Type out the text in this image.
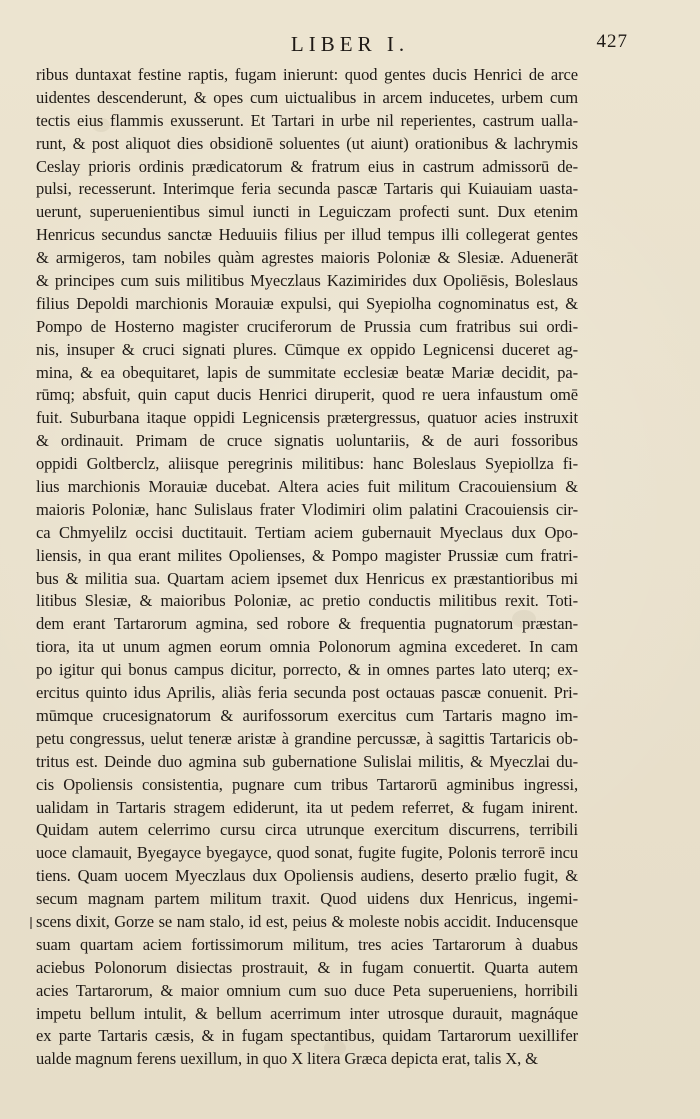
LIBER I.	427
ribus duntaxat festine raptis, fugam inierunt: quod gentes ducis Henrici de arce
uidentes descenderunt, & opes cum uictualibus in arcem inducetes, urbem cum
tectis eius flammis exusserunt. Et Tartari in urbe nil reperientes, castrum ualla-
runt, & post aliquot dies obsidionē soluentes (ut aiunt) orationibus & lachrymis
Ceslay prioris ordinis prædicatorum & fratrum eius in castrum admissorū de-
pulsi, recesserunt. Interimque feria secunda pascæ Tartaris qui Kuiauiam uasta-
uerunt, superuenientibus simul iuncti in Leguiczam profecti sunt. Dux etenim
Henricus secundus sanctæ Heduuiis filius per illud tempus illi collegerat gentes
& armigeros, tam nobiles quàm agrestes maioris Poloniæ & Slesiæ. Aduenerāt
& principes cum suis militibus Myeczlaus Kazimirides dux Opoliēsis, Boleslaus
filius Depoldi marchionis Morauiæ expulsi, qui Syepiolha cognominatus est, &
Pompo de Hosterno magister cruciferorum de Prussia cum fratribus sui ordi-
nis, insuper & cruci signati plures. Cūmque ex oppido Legnicensi duceret ag-
mina, & ea obequitaret, lapis de summitate ecclesiæ beatæ Mariæ decidit, pa-
rūmq; absfuit, quin caput ducis Henrici diruperit, quod re uera infaustum omē
fuit. Suburbana itaque oppidi Legnicensis prætergressus, quatuor acies instruxit
& ordinauit. Primam de cruce signatis uoluntariis, & de auri fossoribus
oppidi Goltberclz, aliisque peregrinis militibus: hanc Boleslaus Syepiollza fi-
lius marchionis Morauiæ ducebat. Altera acies fuit militum Cracouiensium &
maioris Poloniæ, hanc Sulislaus frater Vlodimiri olim palatini Cracouiensis cir-
ca Chmyelilz occisi ductitauit. Tertiam aciem gubernauit Myeclaus dux Opo-
liensis, in qua erant milites Opolienses, & Pompo magister Prussiæ cum fratri-
bus & militia sua. Quartam aciem ipsemet dux Henricus ex præstantioribus mi
litibus Slesiæ, & maioribus Poloniæ, ac pretio conductis militibus rexit. Toti-
dem erant Tartarorum agmina, sed robore & frequentia pugnatorum præstan-
tiora, ita ut unum agmen eorum omnia Polonorum agmina excederet. In cam
po igitur qui bonus campus dicitur, porrecto, & in omnes partes lato uterq; ex-
ercitus quinto idus Aprilis, aliàs feria secunda post octauas pascæ conuenit. Pri-
mūmque crucesignatorum & aurifossorum exercitus cum Tartaris magno im-
petu congressus, uelut teneræ aristæ à grandine percussæ, à sagittis Tartaricis ob-
tritus est. Deinde duo agmina sub gubernatione Sulislai militis, & Myeczlai du-
cis Opoliensis consistentia, pugnare cum tribus Tartarorū agminibus ingressi,
ualidam in Tartaris stragem ediderunt, ita ut pedem referret, & fugam inirent.
Quidam autem celerrimo cursu circa utrunque exercitum discurrens, terribili
uoce clamauit, Byegayce byegayce, quod sonat, fugite fugite, Polonis terrorē incu
tiens. Quam uocem Myeczlaus dux Opoliensis audiens, deserto prælio fugit, &
secum magnam partem militum traxit. Quod uidens dux Henricus, ingemi-
scens dixit, Gorze se nam stalo, id est, peius & moleste nobis accidit. Inducensque
suam quartam aciem fortissimorum militum, tres acies Tartarorum à duabus
aciebus Polonorum disiectas prostrauit, & in fugam conuertit. Quarta autem
acies Tartarorum, & maior omnium cum suo duce Peta superueniens, horribili
impetu bellum intulit, & bellum acerrimum inter utrosque durauit, magnáque
ex parte Tartaris cæsis, & in fugam spectantibus, quidam Tartarorum uexillifer
ualde magnum ferens uexillum, in quo X litera Græca depicta erat, talis X, &
